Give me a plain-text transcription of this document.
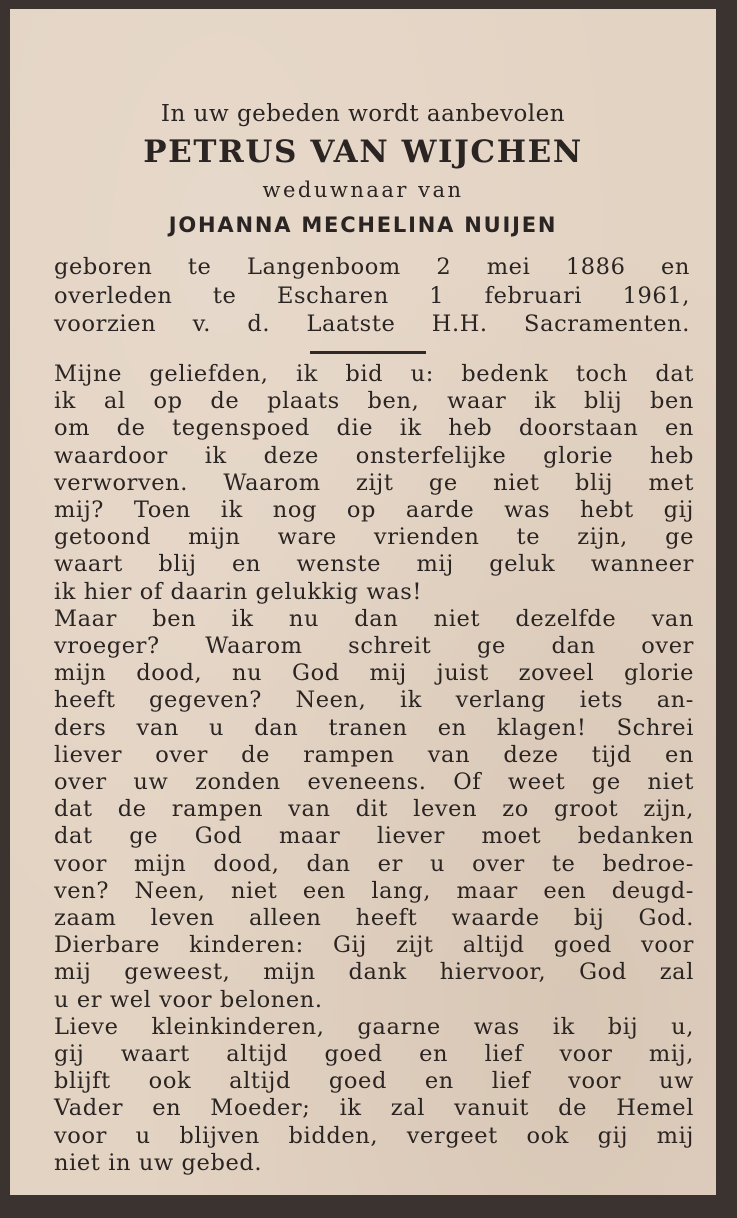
In uw gebeden wordt aanbevolen
PETRUS VAN WIJCHEN
weduwnaar van
JOHANNA MECHELINA NUIJEN
geboren te Langenboom 2 mei 1886 en
overleden te Escharen 1 februari 1961,
voorzien v. d. Laatste H.H. Sacramenten.
Mijne geliefden, ik bid u: bedenk toch dat
ik al op de plaats ben, waar ik blij ben
om de tegenspoed die ik heb doorstaan en
waardoor ik deze onsterfelijke glorie heb
verworven. Waarom zijt ge niet blij met
mij? Toen ik nog op aarde was hebt gij
getoond mijn ware vrienden te zijn, ge
waart blij en wenste mij geluk wanneer
ik hier of daarin gelukkig was!
Maar ben ik nu dan niet dezelfde van
vroeger? Waarom schreit ge dan over
mijn dood, nu God mij juist zoveel glorie
heeft gegeven? Neen, ik verlang iets an-
ders van u dan tranen en klagen! Schrei
liever over de rampen van deze tijd en
over uw zonden eveneens. Of weet ge niet
dat de rampen van dit leven zo groot zijn,
dat ge God maar liever moet bedanken
voor mijn dood, dan er u over te bedroe-
ven? Neen, niet een lang, maar een deugd-
zaam leven alleen heeft waarde bij God.
Dierbare kinderen: Gij zijt altijd goed voor
mij geweest, mijn dank hiervoor, God zal
u er wel voor belonen.
Lieve kleinkinderen, gaarne was ik bij u,
gij waart altijd goed en lief voor mij,
blijft ook altijd goed en lief voor uw
Vader en Moeder; ik zal vanuit de Hemel
voor u blijven bidden, vergeet ook gij mij
niet in uw gebed.
